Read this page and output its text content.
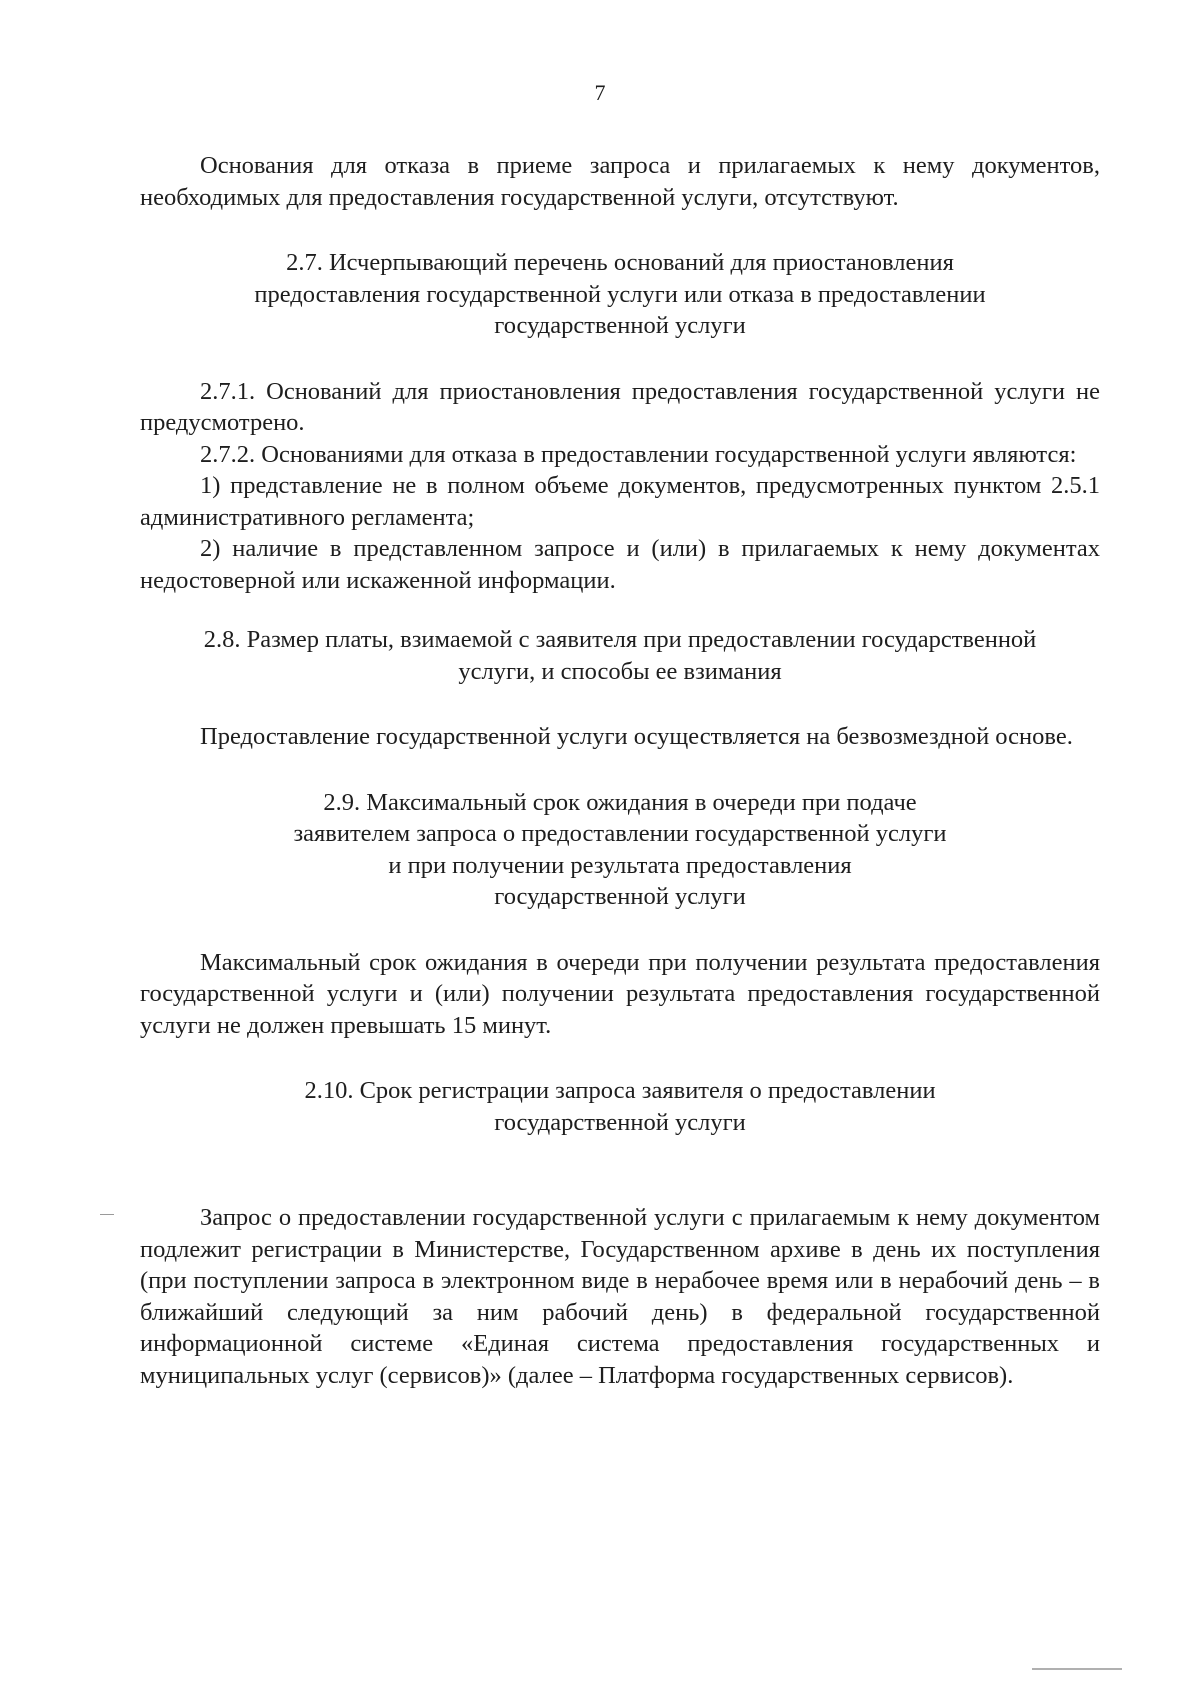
7

Основания для отказа в приеме запроса и прилагаемых к нему документов, необходимых для предоставления государственной услуги, отсутствуют.

2.7. Исчерпывающий перечень оснований для приостановления
предоставления государственной услуги или отказа в предоставлении
государственной услуги

2.7.1. Оснований для приостановления предоставления государственной услуги не предусмотрено.

2.7.2. Основаниями для отказа в предоставлении государственной услуги являются:

1) представление не в полном объеме документов, предусмотренных пунктом 2.5.1 административного регламента;

2) наличие в представленном запросе и (или) в прилагаемых к нему документах недостоверной или искаженной информации.

2.8. Размер платы, взимаемой с заявителя при предоставлении государственной
услуги, и способы ее взимания

Предоставление государственной услуги осуществляется на безвозмездной основе.

2.9. Максимальный срок ожидания в очереди при подаче
заявителем запроса о предоставлении государственной услуги
и при получении результата предоставления
государственной услуги

Максимальный срок ожидания в очереди при получении результата предоставления государственной услуги и (или) получении результата предоставления государственной услуги не должен превышать 15 минут.

2.10. Срок регистрации запроса заявителя о предоставлении
государственной услуги

Запрос о предоставлении государственной услуги с прилагаемым к нему документом подлежит регистрации в Министерстве, Государственном архиве в день их поступления (при поступлении запроса в электронном виде в нерабочее время или в нерабочий день – в ближайший следующий за ним рабочий день) в федеральной государственной информационной системе «Единая система предоставления государственных и муниципальных услуг (сервисов)» (далее – Платформа государственных сервисов).
